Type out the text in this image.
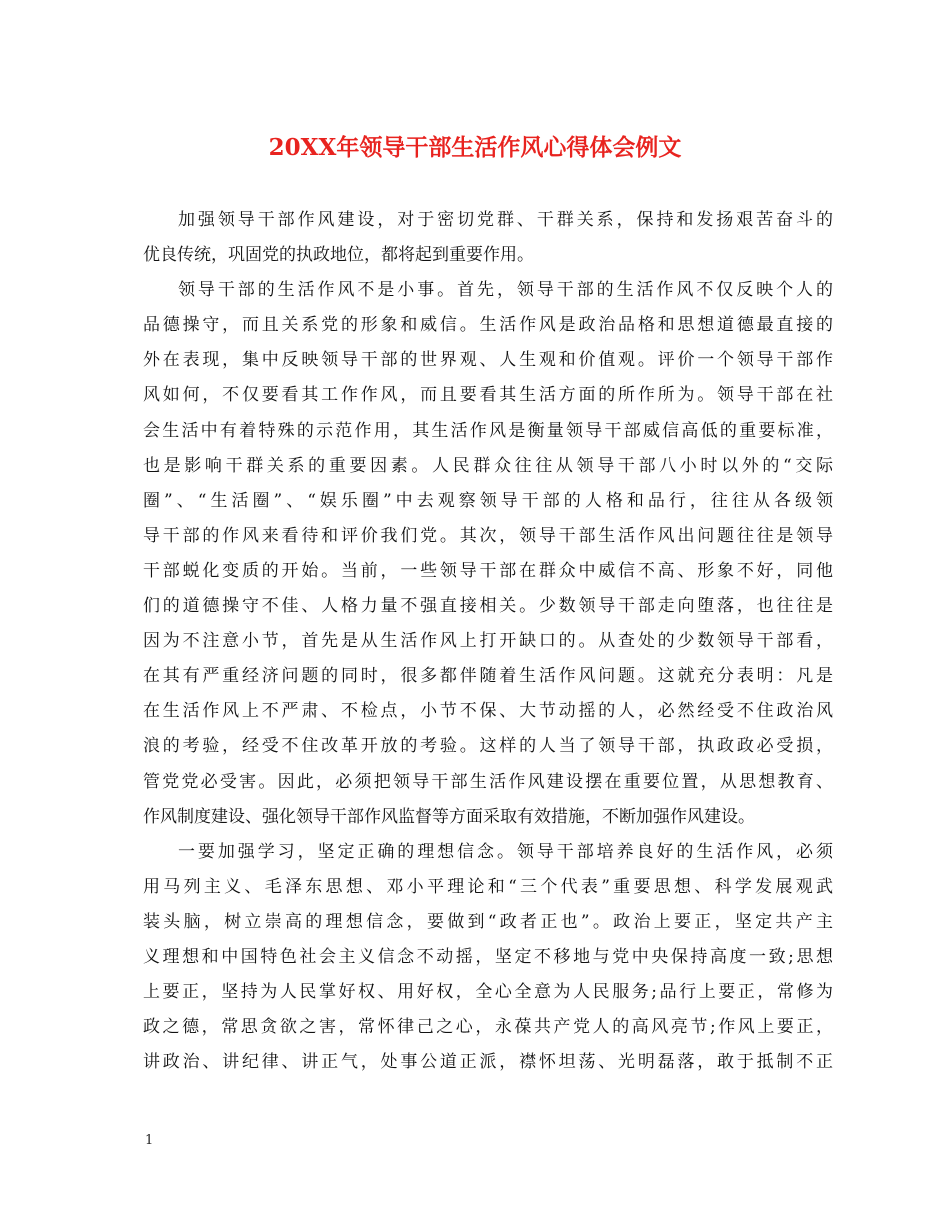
20XX年领导干部生活作风心得体会例文
加强领导干部作风建设，对于密切党群、干群关系，保持和发扬艰苦奋斗的
优良传统，巩固党的执政地位，都将起到重要作用。
领导干部的生活作风不是小事。首先，领导干部的生活作风不仅反映个人的
品德操守，而且关系党的形象和威信。生活作风是政治品格和思想道德最直接的
外在表现，集中反映领导干部的世界观、人生观和价值观。评价一个领导干部作
风如何，不仅要看其工作作风，而且要看其生活方面的所作所为。领导干部在社
会生活中有着特殊的示范作用，其生活作风是衡量领导干部威信高低的重要标准，
也是影响干群关系的重要因素。人民群众往往从领导干部八小时以外的“交际
圈”、“生活圈”、“娱乐圈”中去观察领导干部的人格和品行，往往从各级领
导干部的作风来看待和评价我们党。其次，领导干部生活作风出问题往往是领导
干部蜕化变质的开始。当前，一些领导干部在群众中威信不高、形象不好，同他
们的道德操守不佳、人格力量不强直接相关。少数领导干部走向堕落，也往往是
因为不注意小节，首先是从生活作风上打开缺口的。从查处的少数领导干部看，
在其有严重经济问题的同时，很多都伴随着生活作风问题。这就充分表明：凡是
在生活作风上不严肃、不检点，小节不保、大节动摇的人，必然经受不住政治风
浪的考验，经受不住改革开放的考验。这样的人当了领导干部，执政政必受损，
管党党必受害。因此，必须把领导干部生活作风建设摆在重要位置，从思想教育、
作风制度建设、强化领导干部作风监督等方面采取有效措施，不断加强作风建设。
一要加强学习，坚定正确的理想信念。领导干部培养良好的生活作风，必须
用马列主义、毛泽东思想、邓小平理论和“三个代表”重要思想、科学发展观武
装头脑，树立崇高的理想信念，要做到“政者正也”。政治上要正，坚定共产主
义理想和中国特色社会主义信念不动摇，坚定不移地与党中央保持高度一致;思想
上要正，坚持为人民掌好权、用好权，全心全意为人民服务;品行上要正，常修为
政之德，常思贪欲之害，常怀律己之心，永葆共产党人的高风亮节;作风上要正，
讲政治、讲纪律、讲正气，处事公道正派，襟怀坦荡、光明磊落，敢于抵制不正
1
